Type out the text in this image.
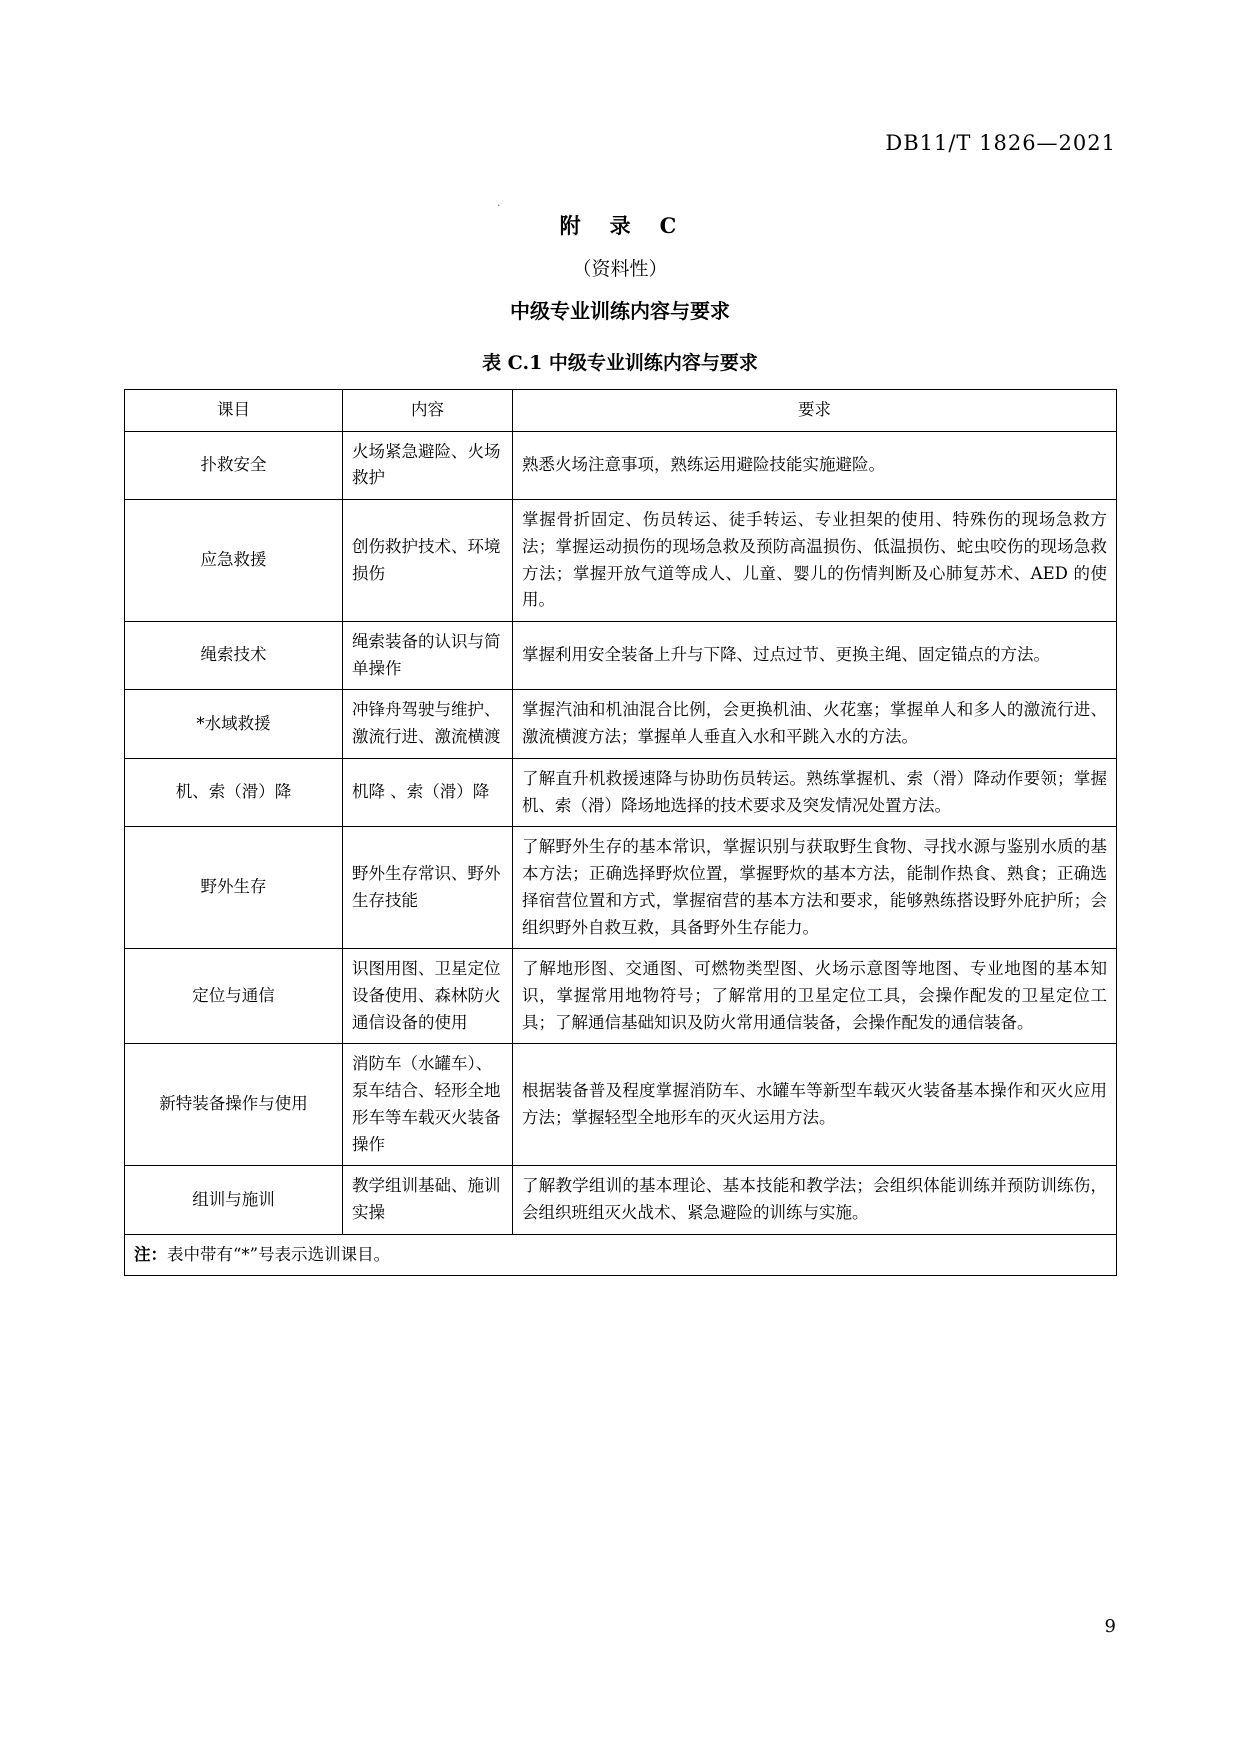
DB11/T 1826—2021
.
附　录　C
（资料性）
中级专业训练内容与要求
表 C.1 中级专业训练内容与要求
课目	内容	要求
扑救安全	火场紧急避险、火场救护	熟悉火场注意事项，熟练运用避险技能实施避险。
应急救援	创伤救护技术、环境损伤	掌握骨折固定、伤员转运、徒手转运、专业担架的使用、特殊伤的现场急救方法；掌握运动损伤的现场急救及预防高温损伤、低温损伤、蛇虫咬伤的现场急救方法；掌握开放气道等成人、儿童、婴儿的伤情判断及心肺复苏术、AED 的使用。
绳索技术	绳索装备的认识与简单操作	掌握利用安全装备上升与下降、过点过节、更换主绳、固定锚点的方法。
*水域救援	冲锋舟驾驶与维护、激流行进、激流横渡	掌握汽油和机油混合比例，会更换机油、火花塞；掌握单人和多人的激流行进、激流横渡方法；掌握单人垂直入水和平跳入水的方法。
机、索（滑）降	机降 、索（滑）降	了解直升机救援速降与协助伤员转运。熟练掌握机、索（滑）降动作要领；掌握机、索（滑）降场地选择的技术要求及突发情况处置方法。
野外生存	野外生存常识、野外生存技能	了解野外生存的基本常识，掌握识别与获取野生食物、寻找水源与鉴别水质的基本方法；正确选择野炊位置，掌握野炊的基本方法，能制作热食、熟食；正确选择宿营位置和方式，掌握宿营的基本方法和要求，能够熟练搭设野外庇护所；会组织野外自救互救，具备野外生存能力。
定位与通信	识图用图、卫星定位设备使用、森林防火通信设备的使用	了解地形图、交通图、可燃物类型图、火场示意图等地图、专业地图的基本知识，掌握常用地物符号；了解常用的卫星定位工具，会操作配发的卫星定位工具；了解通信基础知识及防火常用通信装备，会操作配发的通信装备。
新特装备操作与使用	消防车（水罐车）、泵车结合、轻形全地形车等车载灭火装备操作	根据装备普及程度掌握消防车、水罐车等新型车载灭火装备基本操作和灭火应用方法；掌握轻型全地形车的灭火运用方法。
组训与施训	教学组训基础、施训实操	了解教学组训的基本理论、基本技能和教学法；会组织体能训练并预防训练伤，会组织班组灭火战术、紧急避险的训练与实施。
注：表中带有“*”号表示选训课目。		
9
